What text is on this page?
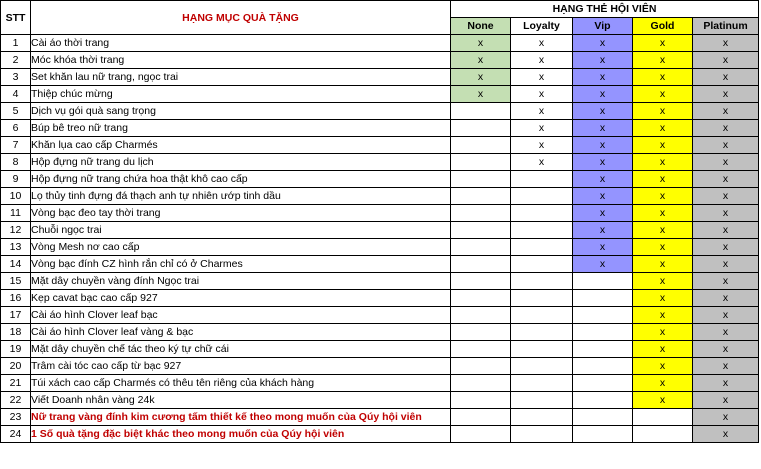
STT	HẠNG MỤC QUÀ TẶNG	HẠNG THẺ HỘI VIÊN				
		None	Loyalty	Vip	Gold	Platinum
1	Cài áo thời trang	x	x	x	x	x
2	Móc khóa thời trang	x	x	x	x	x
3	Set khăn lau nữ trang, ngọc trai	x	x	x	x	x
4	Thiệp chúc mừng	x	x	x	x	x
5	Dịch vụ gói quà sang trọng		x	x	x	x
6	Búp bê treo nữ trang		x	x	x	x
7	Khăn lụa cao cấp Charmés		x	x	x	x
8	Hộp đựng nữ trang du lịch		x	x	x	x
9	Hộp đựng nữ trang chứa hoa thật khô cao cấp			x	x	x
10	Lọ thủy tinh đựng đá thạch anh tự nhiên ướp tinh dầu			x	x	x
11	Vòng bạc đeo tay thời trang			x	x	x
12	Chuỗi ngọc trai			x	x	x
13	Vòng Mesh nơ cao cấp			x	x	x
14	Vòng bạc đính CZ hình rắn chỉ có ở Charmes			x	x	x
15	Mặt dây chuyền vàng đính Ngọc trai				x	x
16	Kẹp cavat bạc cao cấp 927				x	x
17	Cài áo hình Clover leaf bạc				x	x
18	Cài áo hình Clover leaf vàng & bạc				x	x
19	Mặt dây chuyền chế tác theo ký tự chữ cái				x	x
20	Trâm cài tóc cao cấp từ bạc 927				x	x
21	Túi xách cao cấp Charmés có thêu tên riêng của khách hàng				x	x
22	Viết Doanh nhân vàng 24k				x	x
23	Nữ trang vàng đính kim cương tấm thiết kế theo mong muốn của Qúy hội viên					x
24	1 Số quà tặng đặc biệt khác theo mong muốn của Qúy hội viên					x
